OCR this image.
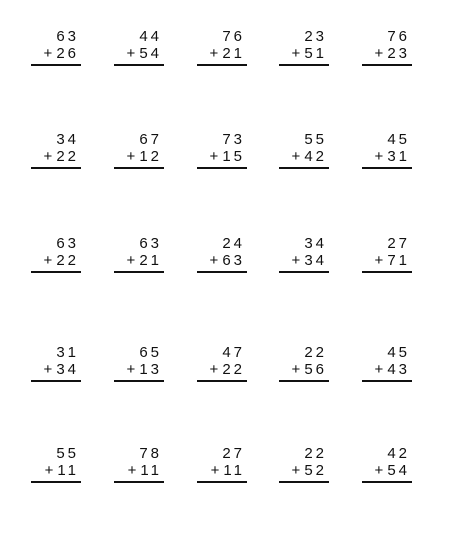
63
+26
44
+54
76
+21
23
+51
76
+23
34
+22
67
+12
73
+15
55
+42
45
+31
63
+22
63
+21
24
+63
34
+34
27
+71
31
+34
65
+13
47
+22
22
+56
45
+43
55
+11
78
+11
27
+11
22
+52
42
+54
